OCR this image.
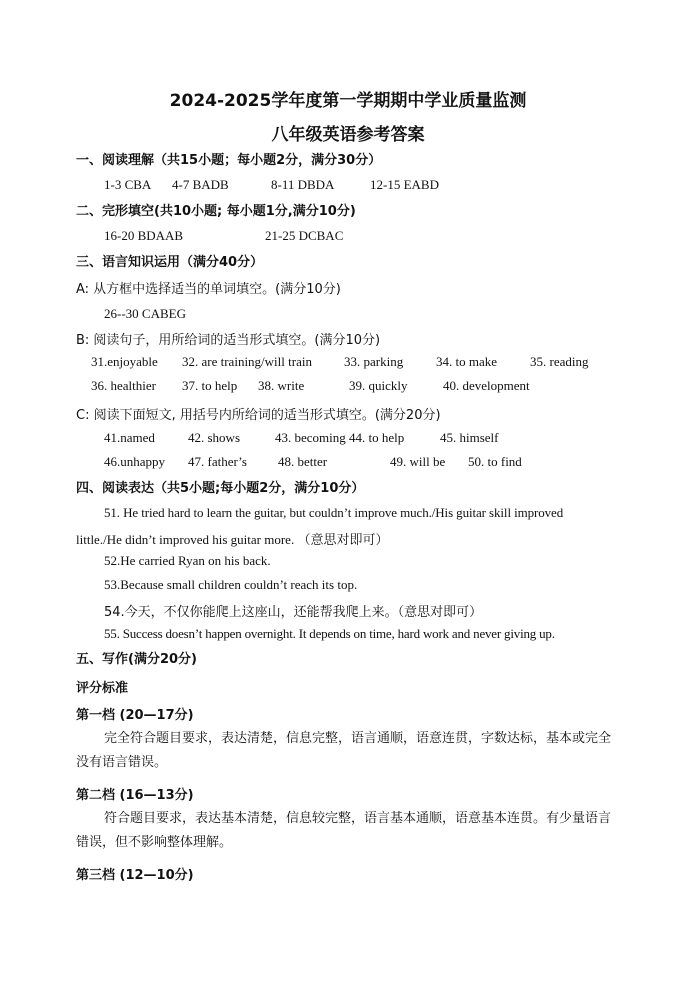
2024-2025学年度第一学期期中学业质量监测
八年级英语参考答案
一、阅读理解（共15小题；每小题2分，满分30分）
1-3 CBA 4-7 BADB	8-11 DBDA	12-15 EABD
二、完形填空(共10小题; 每小题1分,满分10分)
16-20 BDAAB	21-25 DCBAC
三、语言知识运用（满分40分）
A: 从方框中选择适当的单词填空。(满分10分)
26--30 CABEG
B: 阅读句子，用所给词的适当形式填空。(满分10分)
31.enjoyable 32. are training/will train 33. parking	34. to make	35. reading
36. healthier 37. to help 38. write	39. quickly	40. development
C: 阅读下面短文, 用括号内所给词的适当形式填空。(满分20分)
41.named	42. shows	43. becoming 44. to help	45. himself
46.unhappy 47. father’s 48. better	49. will be 50. to find
四、阅读表达（共5小题;每小题2分，满分10分）
51. He tried hard to learn the guitar, but couldn’t improve much./His guitar skill improved
little./He didn’t improved his guitar more. （意思对即可）
52.He carried Ryan on his back.
53.Because small children couldn’t reach its top.
54.今天，不仅你能爬上这座山，还能帮我爬上来。（意思对即可）
55. Success doesn’t happen overnight. It depends on time, hard work and never giving up.
五、写作(满分20分)
评分标准
第一档 (20—17分)
完全符合题目要求，表达清楚，信息完整，语言通顺，语意连贯，字数达标，基本或完全没有语言错误。
第二档 (16—13分)
符合题目要求，表达基本清楚，信息较完整，语言基本通顺，语意基本连贯。有少量语言错误，但不影响整体理解。
第三档 (12—10分)
